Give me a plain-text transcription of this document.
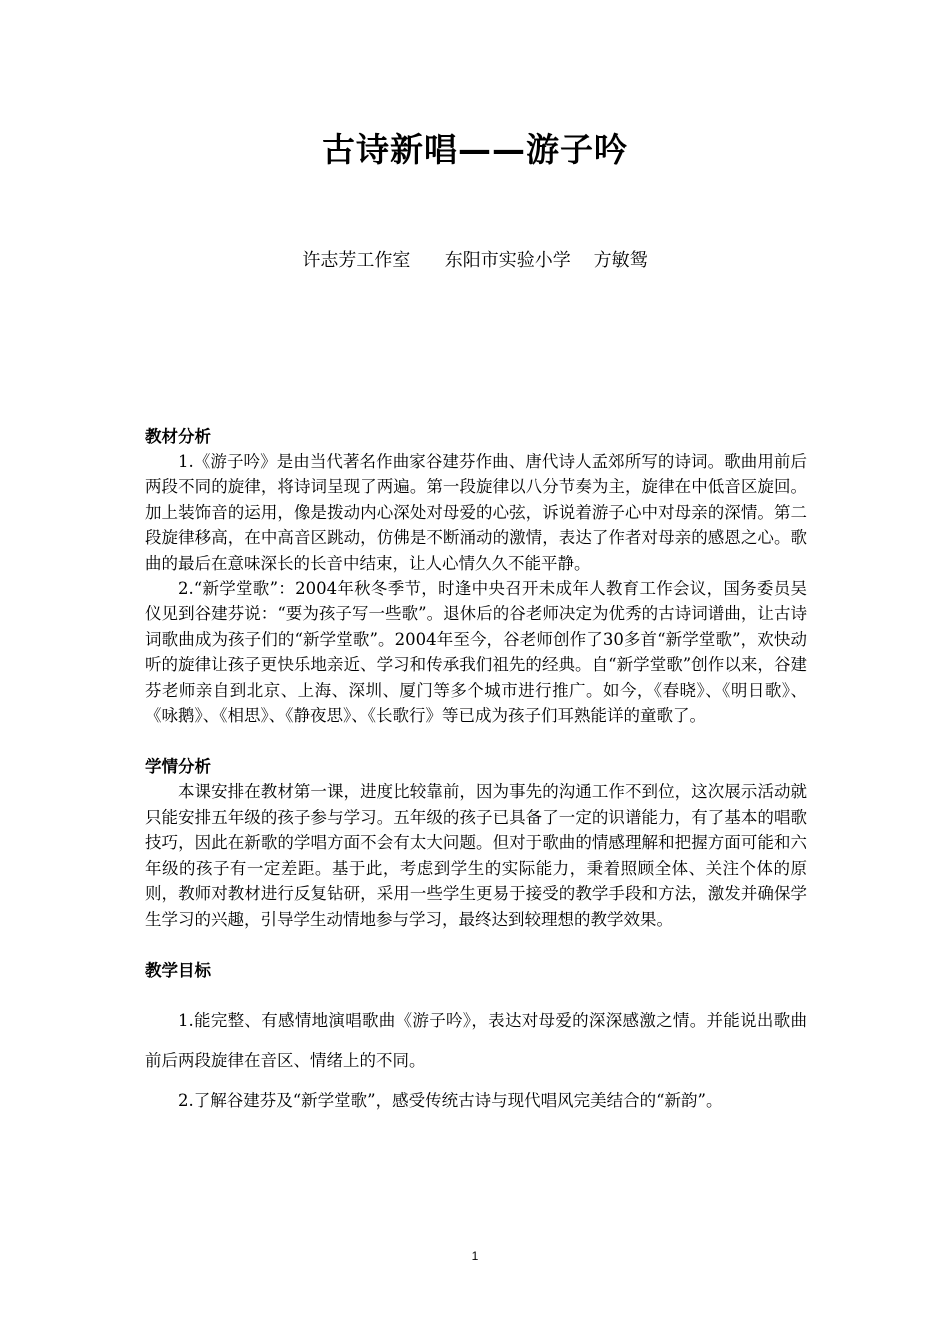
古诗新唱——游子吟
许志芳工作室      东阳市实验小学    方敏鸳

教材分析

1.《游子吟》是由当代著名作曲家谷建芬作曲、唐代诗人孟郊所写的诗词。歌曲用前后两段不同的旋律，将诗词呈现了两遍。第一段旋律以八分节奏为主，旋律在中低音区旋回。加上装饰音的运用，像是拨动内心深处对母爱的心弦，诉说着游子心中对母亲的深情。第二段旋律移高，在中高音区跳动，仿佛是不断涌动的激情，表达了作者对母亲的感恩之心。歌曲的最后在意味深长的长音中结束，让人心情久久不能平静。

2.“新学堂歌”：2004年秋冬季节，时逢中央召开未成年人教育工作会议，国务委员吴仪见到谷建芬说：“要为孩子写一些歌”。退休后的谷老师决定为优秀的古诗词谱曲，让古诗词歌曲成为孩子们的“新学堂歌”。2004年至今，谷老师创作了30多首“新学堂歌”，欢快动听的旋律让孩子更快乐地亲近、学习和传承我们祖先的经典。自“新学堂歌”创作以来，谷建芬老师亲自到北京、上海、深圳、厦门等多个城市进行推广。如今，《春晓》、《明日歌》、《咏鹅》、《相思》、《静夜思》、《长歌行》等已成为孩子们耳熟能详的童歌了。

学情分析

本课安排在教材第一课，进度比较靠前，因为事先的沟通工作不到位，这次展示活动就只能安排五年级的孩子参与学习。五年级的孩子已具备了一定的识谱能力，有了基本的唱歌技巧，因此在新歌的学唱方面不会有太大问题。但对于歌曲的情感理解和把握方面可能和六年级的孩子有一定差距。基于此，考虑到学生的实际能力，秉着照顾全体、关注个体的原则，教师对教材进行反复钻研，采用一些学生更易于接受的教学手段和方法，激发并确保学生学习的兴趣，引导学生动情地参与学习，最终达到较理想的教学效果。

教学目标

1.能完整、有感情地演唱歌曲《游子吟》，表达对母爱的深深感激之情。并能说出歌曲前后两段旋律在音区、情绪上的不同。

2.了解谷建芬及“新学堂歌”，感受传统古诗与现代唱风完美结合的“新韵”。

1
